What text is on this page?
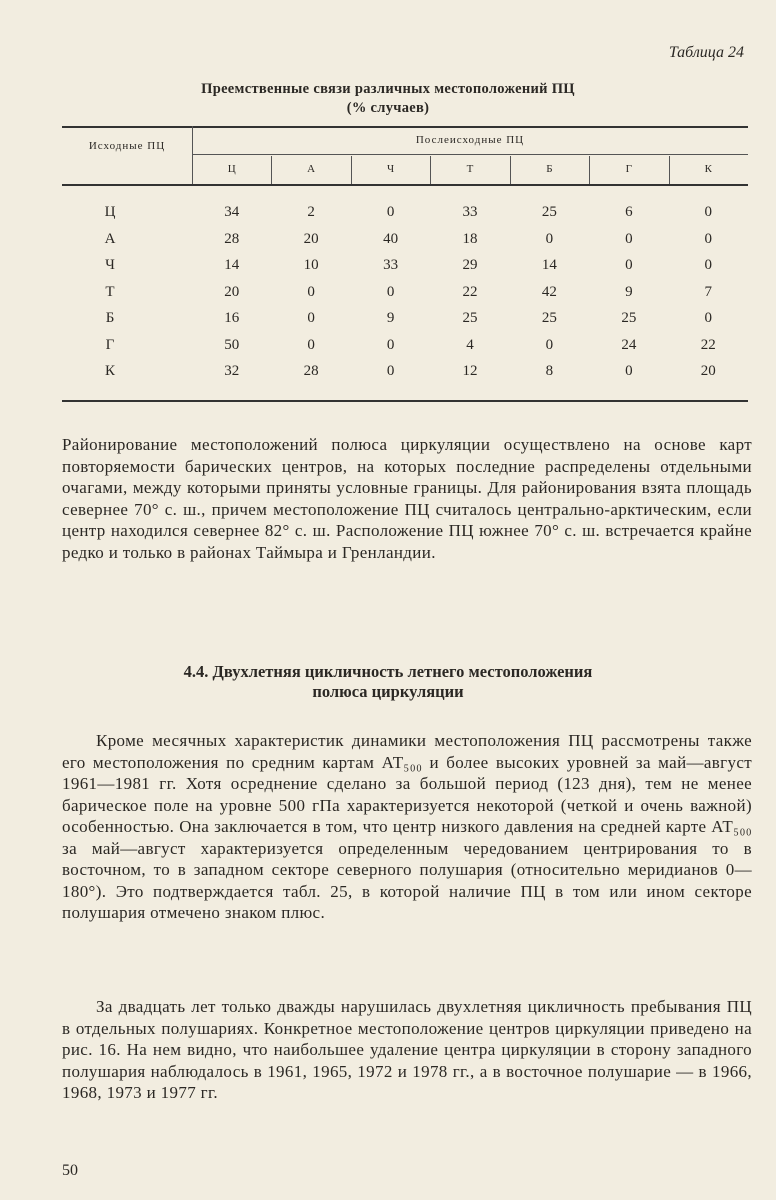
Таблица 24
Преемственные связи различных местоположений ПЦ
(% случаев)
Исходные ПЦ	Послеисходные ПЦ
Ц	А	Ч	Т	Б	Г	К
Ц	34	2	0	33	25	6	0
А	28	20	40	18	0	0	0
Ч	14	10	33	29	14	0	0
Т	20	0	0	22	42	9	7
Б	16	0	9	25	25	25	0
Г	50	0	0	4	0	24	22
К	32	28	0	12	8	0	20
Районирование местоположений полюса циркуляции осуществлено на основе карт повторяемости барических центров, на которых последние распределены отдельными очагами, между которыми приняты условные границы. Для районирования взята площадь севернее 70° с. ш., причем местоположение ПЦ считалось центрально-арктическим, если центр находился севернее 82° с. ш. Расположение ПЦ южнее 70° с. ш. встречается крайне редко и только в районах Таймыра и Гренландии.
4.4. Двухлетняя цикличность летнего местоположения
полюса циркуляции
Кроме месячных характеристик динамики местоположения ПЦ рассмотрены также его местоположения по средним картам АТ₅₀₀ и более высоких уровней за май—август 1961—1981 гг. Хотя осреднение сделано за большой период (123 дня), тем не менее барическое поле на уровне 500 гПа характеризуется некоторой (четкой и очень важной) особенностью. Она заключается в том, что центр низкого давления на средней карте АТ₅₀₀ за май—август характеризуется определенным чередованием центрирования то в восточном, то в западном секторе северного полушария (относительно меридианов 0—180°). Это подтверждается табл. 25, в которой наличие ПЦ в том или ином секторе полушария отмечено знаком плюс.
За двадцать лет только дважды нарушилась двухлетняя цикличность пребывания ПЦ в отдельных полушариях. Конкретное местоположение центров циркуляции приведено на рис. 16. На нем видно, что наибольшее удаление центра циркуляции в сторону западного полушария наблюдалось в 1961, 1965, 1972 и 1978 гг., а в восточное полушарие — в 1966, 1968, 1973 и 1977 гг.
50
